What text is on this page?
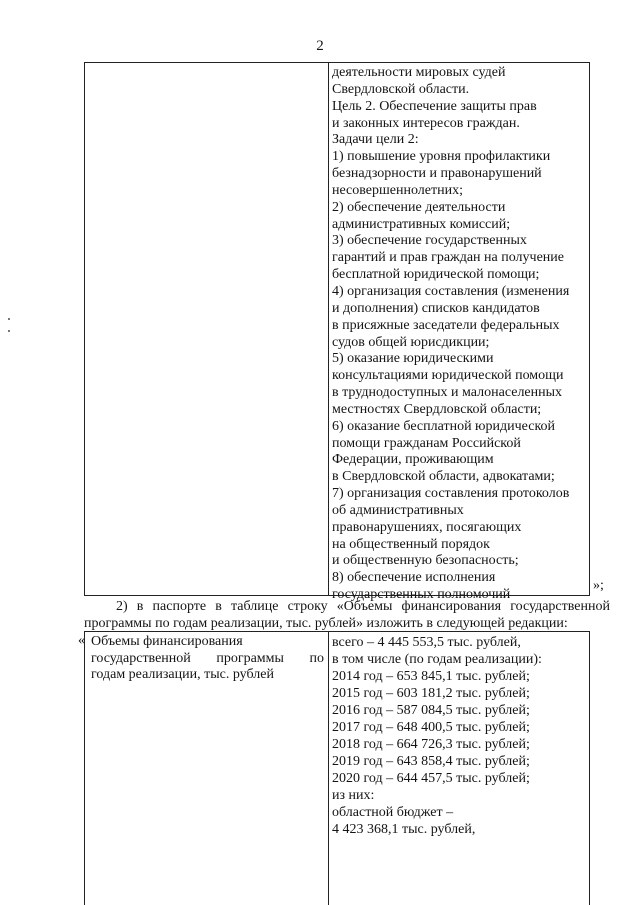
2
деятельности мировых судей
Свердловской области.
Цель 2. Обеспечение защиты прав
и законных интересов граждан.
Задачи цели 2:
1) повышение уровня профилактики
безнадзорности и правонарушений
несовершеннолетних;
2) обеспечение деятельности
административных комиссий;
3) обеспечение государственных
гарантий и прав граждан на получение
бесплатной юридической помощи;
4) организация составления (изменения
и дополнения) списков кандидатов
в присяжные заседатели федеральных
судов общей юрисдикции;
5) оказание юридическими
консультациями юридической помощи
в труднодоступных и малонаселенных
местностях Свердловской области;
6) оказание бесплатной юридической
помощи гражданам Российской
Федерации, проживающим
в Свердловской области, адвокатами;
7) организация составления протоколов
об административных
правонарушениях, посягающих
на общественный порядок
и общественную безопасность;
8) обеспечение исполнения
государственных полномочий
»;
2) в паспорте в таблице строку «Объемы финансирования государственной
программы по годам реализации, тыс. рублей» изложить в следующей редакции:
« Объемы финансирования
государственной программы по
годам реализации, тыс. рублей
всего – 4 445 553,5 тыс. рублей,
в том числе (по годам реализации):
2014 год – 653 845,1 тыс. рублей;
2015 год – 603 181,2 тыс. рублей;
2016 год – 587 084,5 тыс. рублей;
2017 год – 648 400,5 тыс. рублей;
2018 год – 664 726,3 тыс. рублей;
2019 год – 643 858,4 тыс. рублей;
2020 год – 644 457,5 тыс. рублей;
из них:
областной бюджет –
4 423 368,1 тыс. рублей,
